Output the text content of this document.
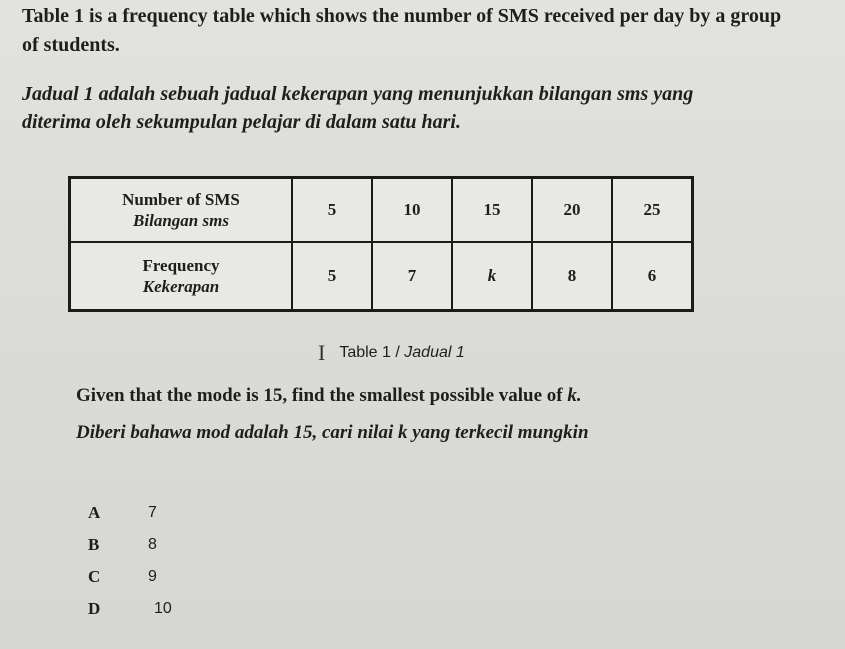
Table 1 is a frequency table which shows the number of SMS received per day by a group
of students.
Jadual 1 adalah sebuah jadual kekerapan yang menunjukkan bilangan sms yang
diterima oleh sekumpulan pelajar di dalam satu hari.
Number of SMS
Bilangan sms	5	10	15	20	25

Frequency
Kekerapan	5	7	k	8	6
I Table 1 / Jadual 1
Given that the mode is 15, find the smallest possible value of k.
Diberi bahawa mod adalah 15, cari nilai k yang terkecil mungkin
A	7
B	8
C	9
D	10
